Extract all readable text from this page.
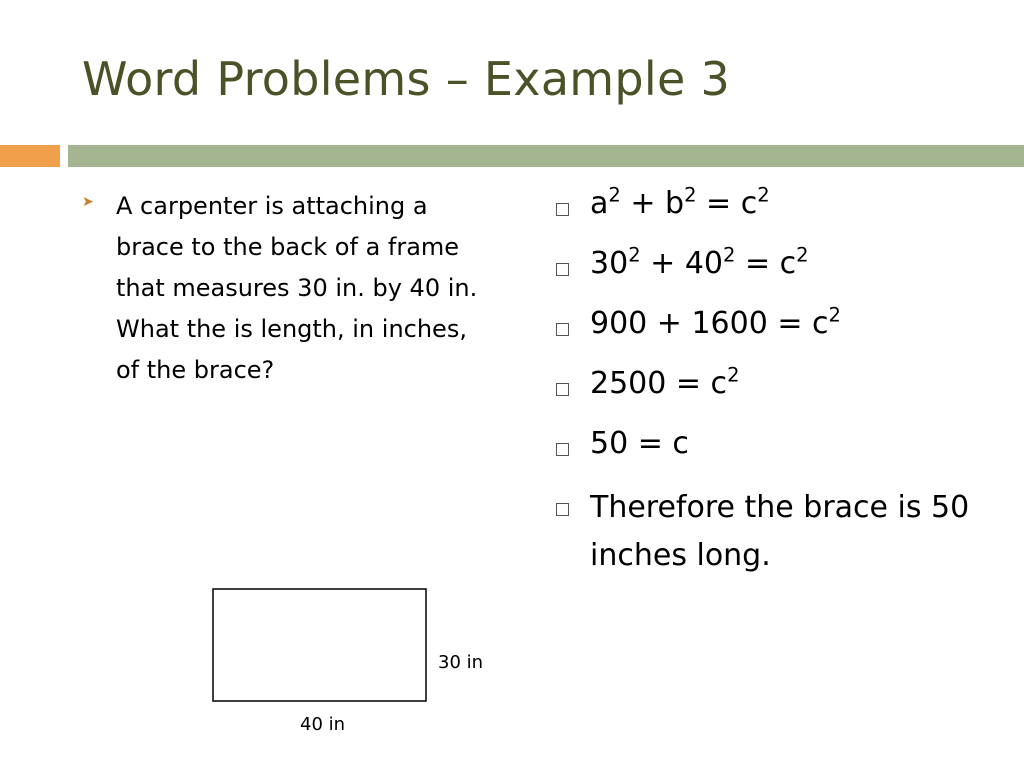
Word Problems – Example 3
➤ A carpenter is attaching a brace to the back of a frame that measures 30 in. by 40 in. What the is length, in inches, of the brace?
$a^2 + b^2 = c^2$
$30^2 + 40^2 = c^2$
$900 + 1600 = c^2$
$2500 = c^2$
50 = c
Therefore the brace is 50 inches long.
30 in
40 in
